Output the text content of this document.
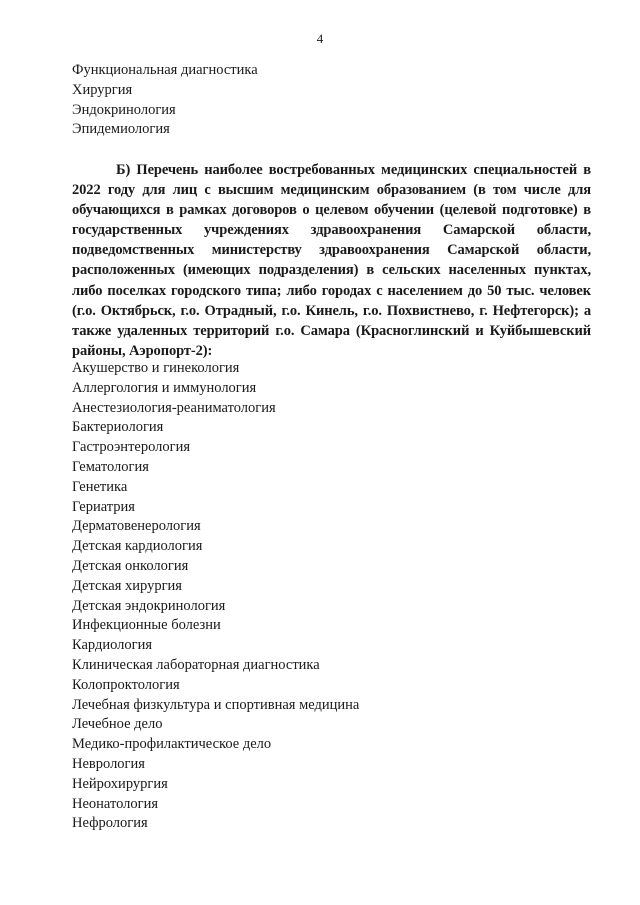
4
Функциональная диагностика
Хирургия
Эндокринология
Эпидемиология
Б) Перечень наиболее востребованных медицинских специальностей в 2022 году для лиц с высшим медицинским образованием (в том числе для обучающихся в рамках договоров о целевом обучении (целевой подготовке) в государственных учреждениях здравоохранения Самарской области, подведомственных министерству здравоохранения Самарской области, расположенных (имеющих подразделения) в сельских населенных пунктах, либо поселках городского типа; либо городах с населением до 50 тыс. человек (г.о. Октябрьск, г.о. Отрадный, г.о. Кинель, г.о. Похвистнево, г. Нефтегорск); а также удаленных территорий г.о. Самара (Красноглинский и Куйбышевский районы, Аэропорт-2):
Акушерство и гинекология
Аллергология и иммунология
Анестезиология-реаниматология
Бактериология
Гастроэнтерология
Гематология
Генетика
Гериатрия
Дерматовенерология
Детская кардиология
Детская онкология
Детская хирургия
Детская эндокринология
Инфекционные болезни
Кардиология
Клиническая лабораторная диагностика
Колопроктология
Лечебная физкультура и спортивная медицина
Лечебное дело
Медико-профилактическое дело
Неврология
Нейрохирургия
Неонатология
Нефрология
